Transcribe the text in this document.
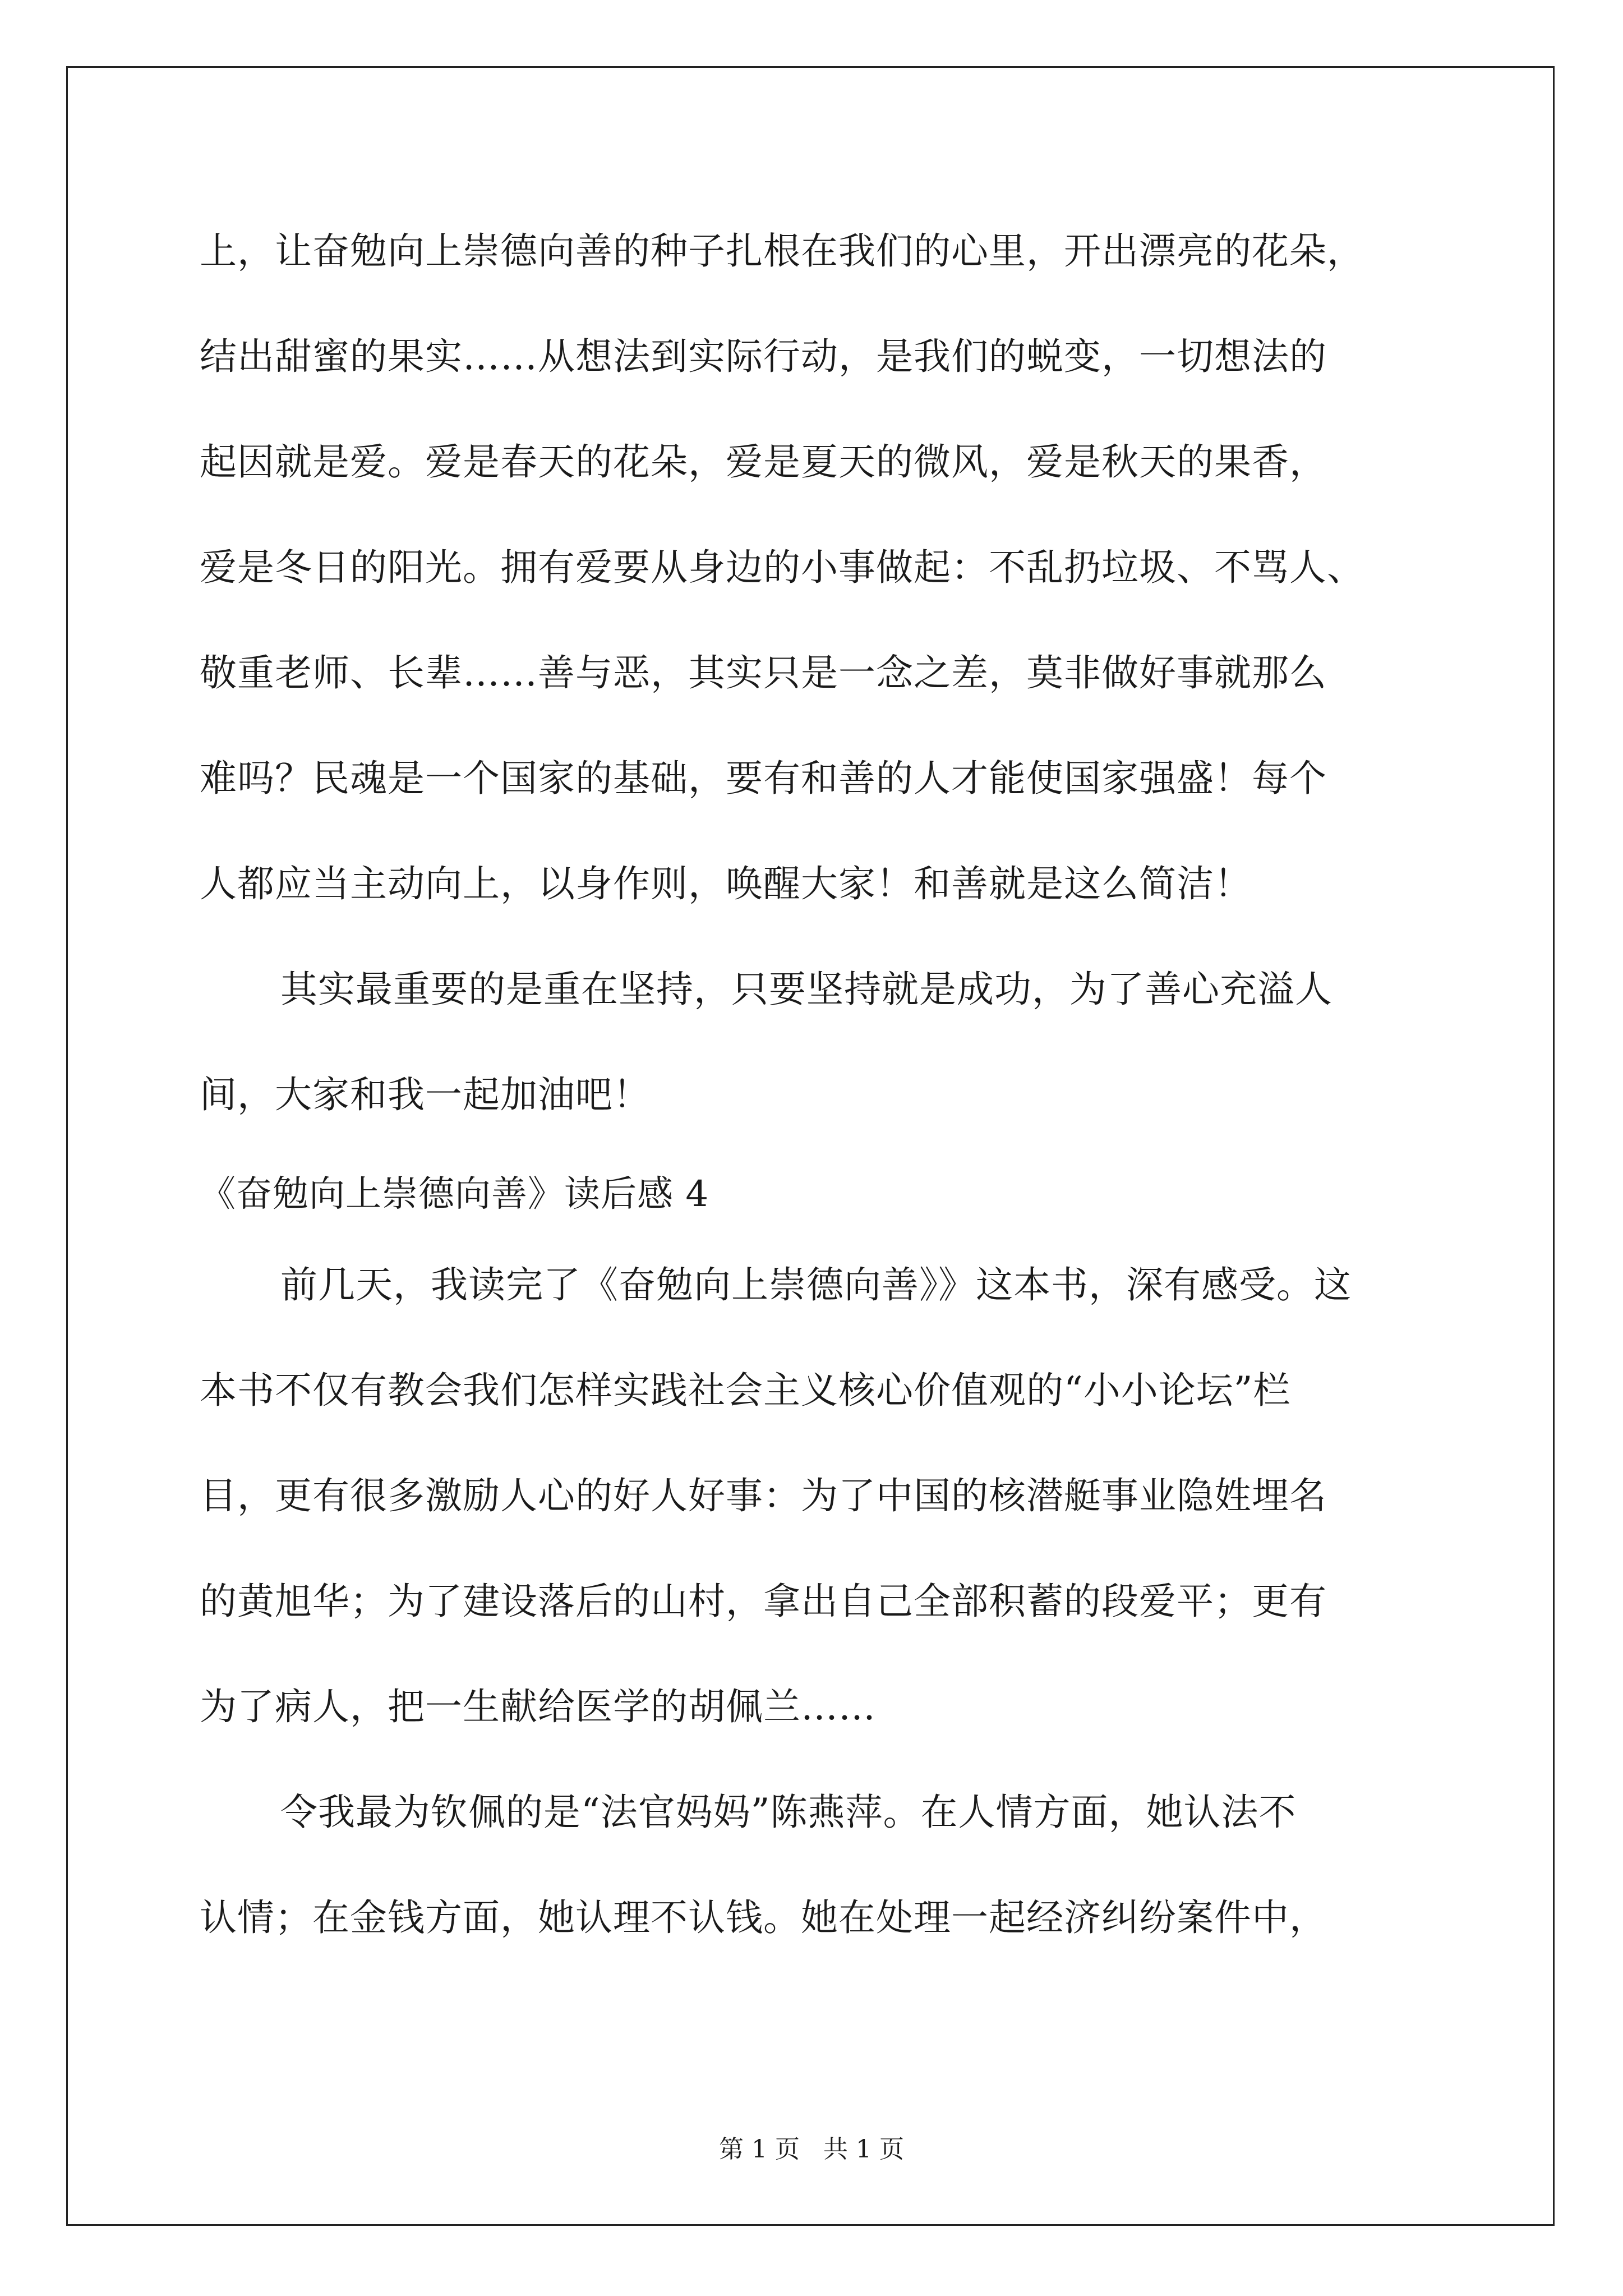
上，让奋勉向上崇德向善的种子扎根在我们的心里，开出漂亮的花朵，
结出甜蜜的果实……从想法到实际行动，是我们的蜕变，一切想法的
起因就是爱。爱是春天的花朵，爱是夏天的微风，爱是秋天的果香，
爱是冬日的阳光。拥有爱要从身边的小事做起：不乱扔垃圾、不骂人、
敬重老师、长辈……善与恶，其实只是一念之差，莫非做好事就那么
难吗？民魂是一个国家的基础，要有和善的人才能使国家强盛！每个
人都应当主动向上，以身作则，唤醒大家！和善就是这么简洁！
其实最重要的是重在坚持，只要坚持就是成功，为了善心充溢人
间，大家和我一起加油吧！
《奋勉向上崇德向善》读后感 4
前几天，我读完了《奋勉向上崇德向善》》这本书，深有感受。这
本书不仅有教会我们怎样实践社会主义核心价值观的“小小论坛”栏
目，更有很多激励人心的好人好事：为了中国的核潜艇事业隐姓埋名
的黄旭华；为了建设落后的山村，拿出自己全部积蓄的段爱平；更有
为了病人，把一生献给医学的胡佩兰……
令我最为钦佩的是“法官妈妈”陈燕萍。在人情方面，她认法不
认情；在金钱方面，她认理不认钱。她在处理一起经济纠纷案件中，
第 1 页   共 1 页
